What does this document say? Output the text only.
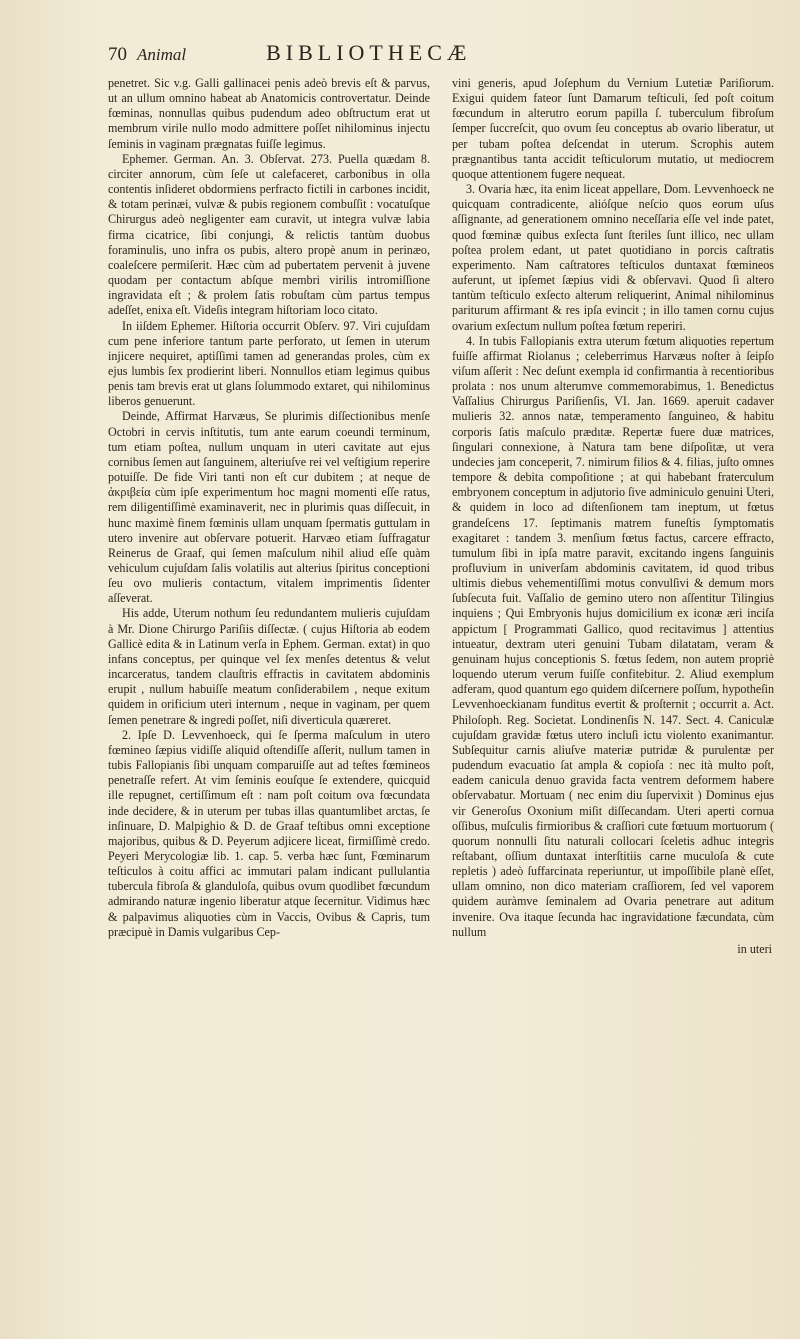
70 Animal	BIBLIOTHECÆ

penetret. Sic v.g. Galli gallinacei penis adeò brevis eſt & parvus, ut an ullum omnino habeat ab Anatomicis controvertatur. Deinde fœminas, nonnullas quibus pudendum adeo obſtructum erat ut membrum virile nullo modo admittere poſſet nihilominus injectu ſeminis in vaginam prægnatas fuiſſe legimus.

Ephemer. German. An. 3. Obſervat. 273. Puella quædam 8. circiter annorum, cùm ſeſe ut calefaceret, carbonibus in olla contentis inſideret obdormiens perfracto fictili in carbones incidit, & totam perinæi, vulvæ & pubis regionem combuſſit : vocatuſque Chirurgus adeò negligenter eam curavit, ut integra vulvæ labia firma cicatrice, ſibi conjungi, & relictis tantùm duobus foraminulis, uno infra os pubis, altero propè anum in perinæo, coaleſcere permiſerit. Hæc cùm ad pubertatem pervenit à juvene quodam per contactum abſque membri virilis intromiſſione ingravidata eſt ; & prolem ſatis robuſtam cùm partus tempus adeſſet, enixa eſt. Videſis integram hiſtoriam loco citato.

In iiſdem Ephemer. Hiſtoria occurrit Obſerv. 97. Viri cujuſdam cum pene inferiore tantum parte perforato, ut ſemen in uterum injicere nequiret, aptiſſimi tamen ad generandas proles, cùm ex ejus lumbis ſex prodierint liberi. Nonnullos etiam legimus quibus penis tam brevis erat ut glans ſolummodo extaret, qui nihilominus liberos genuerunt.

Deinde, Affirmat Harvæus, Se plurimis diſſectionibus menſe Octobri in cervis inſtitutis, tum ante earum coeundi terminum, tum etiam poſtea, nullum unquam in uteri cavitate aut ejus cornibus ſemen aut ſanguinem, alteriuſve rei vel veſtigium reperire potuiſſe. De fide Viri tanti non eſt cur dubitem ; at neque de ἀκριβεία cùm ipſe experimentum hoc magni momenti eſſe ratus, rem diligentiſſimè examinaverit, nec in plurimis quas diſſecuit, in hunc maximè finem fœminis ullam unquam ſpermatis guttulam in utero invenire aut obſervare potuerit. Harvæo etiam ſuffragatur Reinerus de Graaf, qui ſemen maſculum nihil aliud eſſe quàm vehiculum cujuſdam ſalis volatilis aut alterius ſpiritus conceptioni ſeu ovo mulieris contactum, vitalem imprimentis ſidenter aſſeverat.

His adde, Uterum nothum ſeu redundantem mulieris cujuſdam à Mr. Dione Chirurgo Pariſiis diſſectæ. ( cujus Hiſtoria ab eodem Gallicè edita & in Latinum verſa in Ephem. German. extat) in quo infans conceptus, per quinque vel ſex menſes detentus & velut incarceratus, tandem clauſtris effractis in cavitatem abdominis erupit , nullum habuiſſe meatum conſiderabilem , neque exitum quidem in orificium uteri internum , neque in vaginam, per quem ſemen penetrare & ingredi poſſet, niſi diverticula quæreret.

2. Ipſe D. Levvenhoeck, qui ſe ſperma maſculum in utero fœmineo ſæpius vidiſſe aliquid oſtendiſſe aſſerit, nullum tamen in tubis Fallopianis ſibi unquam comparuiſſe aut ad teſtes fœmineos penetraſſe refert. At vim ſeminis eouſque ſe extendere, quicquid ille repugnet, certiſſimum eſt : nam poſt coitum ova fœcundata inde decidere, & in uterum per tubas illas quantumlibet arctas, ſe inſinuare, D. Malpighio & D. de Graaf teſtibus omni exceptione majoribus, quibus & D. Peyerum adjicere liceat, firmiſſimè credo. Peyeri Merycologiæ lib. 1. cap. 5. verba hæc ſunt, Fœminarum teſticulos à coitu affici ac immutari palam indicant pullulantia tubercula fibroſa & glanduloſa, quibus ovum quodlibet fœcundum admirando naturæ ingenio liberatur atque ſecernitur. Vidimus hæc & palpavimus aliquoties cùm in Vaccis, Ovibus & Capris, tum præcipuè in Damis vulgaribus Cep-

vini generis, apud Joſephum du Vernium Lutetiæ Pariſiorum. Exigui quidem fateor ſunt Damarum teſticuli, ſed poſt coitum fœcundum in alterutro eorum papilla ſ. tuberculum fibroſum ſemper ſuccreſcit, quo ovum ſeu conceptus ab ovario liberatur, ut per tubam poſtea deſcendat in uterum. Scrophis autem prægnantibus tanta accidit teſticulorum mutatio, ut mediocrem quoque attentionem fugere nequeat.

3. Ovaria hæc, ita enim liceat appellare, Dom. Levvenhoeck ne quicquam contradicente, alióſque neſcio quos eorum uſus aſſignante, ad generationem omnino neceſſaria eſſe vel inde patet, quod fœminæ quibus exſecta ſunt ſteriles ſunt illico, nec ullam poſtea prolem edant, ut patet quotidiano in porcis caſtratis experimento. Nam caſtratores teſticulos duntaxat fœmineos auferunt, ut ipſemet ſæpius vidi & obſervavi. Quod ſi altero tantùm teſticulo exſecto alterum reliquerint, Animal nihilominus pariturum affirmant & res ipſa evincit ; in illo tamen cornu cujus ovarium exſectum nullum poſtea fœtum reperiri.

4. In tubis Fallopianis extra uterum fœtum aliquoties repertum fuiſſe affirmat Riolanus ; celeberrimus Harvæus noſter à ſeipſo viſum aſſerit : Nec deſunt exempla id confirmantia à recentioribus prolata : nos unum alterumve commemorabimus, 1. Benedictus Vaſſalius Chirurgus Pariſienſis, VI. Jan. 1669. aperuit cadaver mulieris 32. annos natæ, temperamento ſanguineo, & habitu corporis ſatis maſculo prædıtæ. Repertæ fuere duæ matrices, ſingulari connexione, à Natura tam bene diſpoſitæ, ut vera undecies jam conceperit, 7. nimirum filios & 4. filias, juſto omnes tempore & debita compoſitione ; at qui habebant fraterculum embryonem conceptum in adjutorio ſive adminiculo genuini Uteri, & quidem in loco ad diſtenſionem tam ineptum, ut fœtus grandeſcens 17. ſeptimanis matrem funeſtis ſymptomatis exagitaret : tandem 3. menſium fœtus factus, carcere effracto, tumulum ſibi in ipſa matre paravit, excitando ingens ſanguinis profluvium in univerſam abdominis cavitatem, id quod tribus ultimis diebus vehementiſſimi motus convulſivi & demum mors ſubſecuta fuit. Vaſſalio de gemino utero non aſſentitur Tilingius inquiens ; Qui Embryonis hujus domicilium ex iconæ æri inciſa appictum [ Programmati Gallico, quod recitavimus ] attentius intueatur, dextram uteri genuini Tubam dilatatam, veram & genuinam hujus conceptionis S. fœtus ſedem, non autem propriè loquendo uterum verum fuiſſe confitebitur. 2. Aliud exemplum adferam, quod quantum ego quidem diſcernere poſſum, hypotheſin Levvenhoeckianam funditus evertit & proſternit ; occurrit a. Act. Philoſoph. Reg. Societat. Londinenſis N. 147. Sect. 4. Caniculæ cujuſdam gravidæ fœtus utero incluſi ictu violento exanimantur. Subſequitur carnis aliuſve materiæ putridæ & purulentæ per pudendum evacuatio ſat ampla & copioſa : nec ità multo poſt, eadem canicula denuo gravida facta ventrem deformem habere obſervabatur. Mortuam ( nec enim diu ſupervixit ) Dominus ejus vir Generoſus Oxonium miſit diſſecandam. Uteri aperti cornua oſſibus, muſculis firmioribus & craſſiori cute fœtuum mortuorum ( quorum nonnulli ſitu naturali collocari ſceletis adhuc integris reſtabant, oſſium duntaxat interſtitiis carne muculoſa & cute repletis ) adeò ſuffarcinata reperiuntur, ut impoſſibile planè eſſet, ullam omnino, non dico materiam craſſiorem, ſed vel vaporem quidem auràmve ſeminalem ad Ovaria penetrare aut aditum invenire. Ova itaque ſecunda hac ingravidatione fæcundata, cùm nullum

in uteri
